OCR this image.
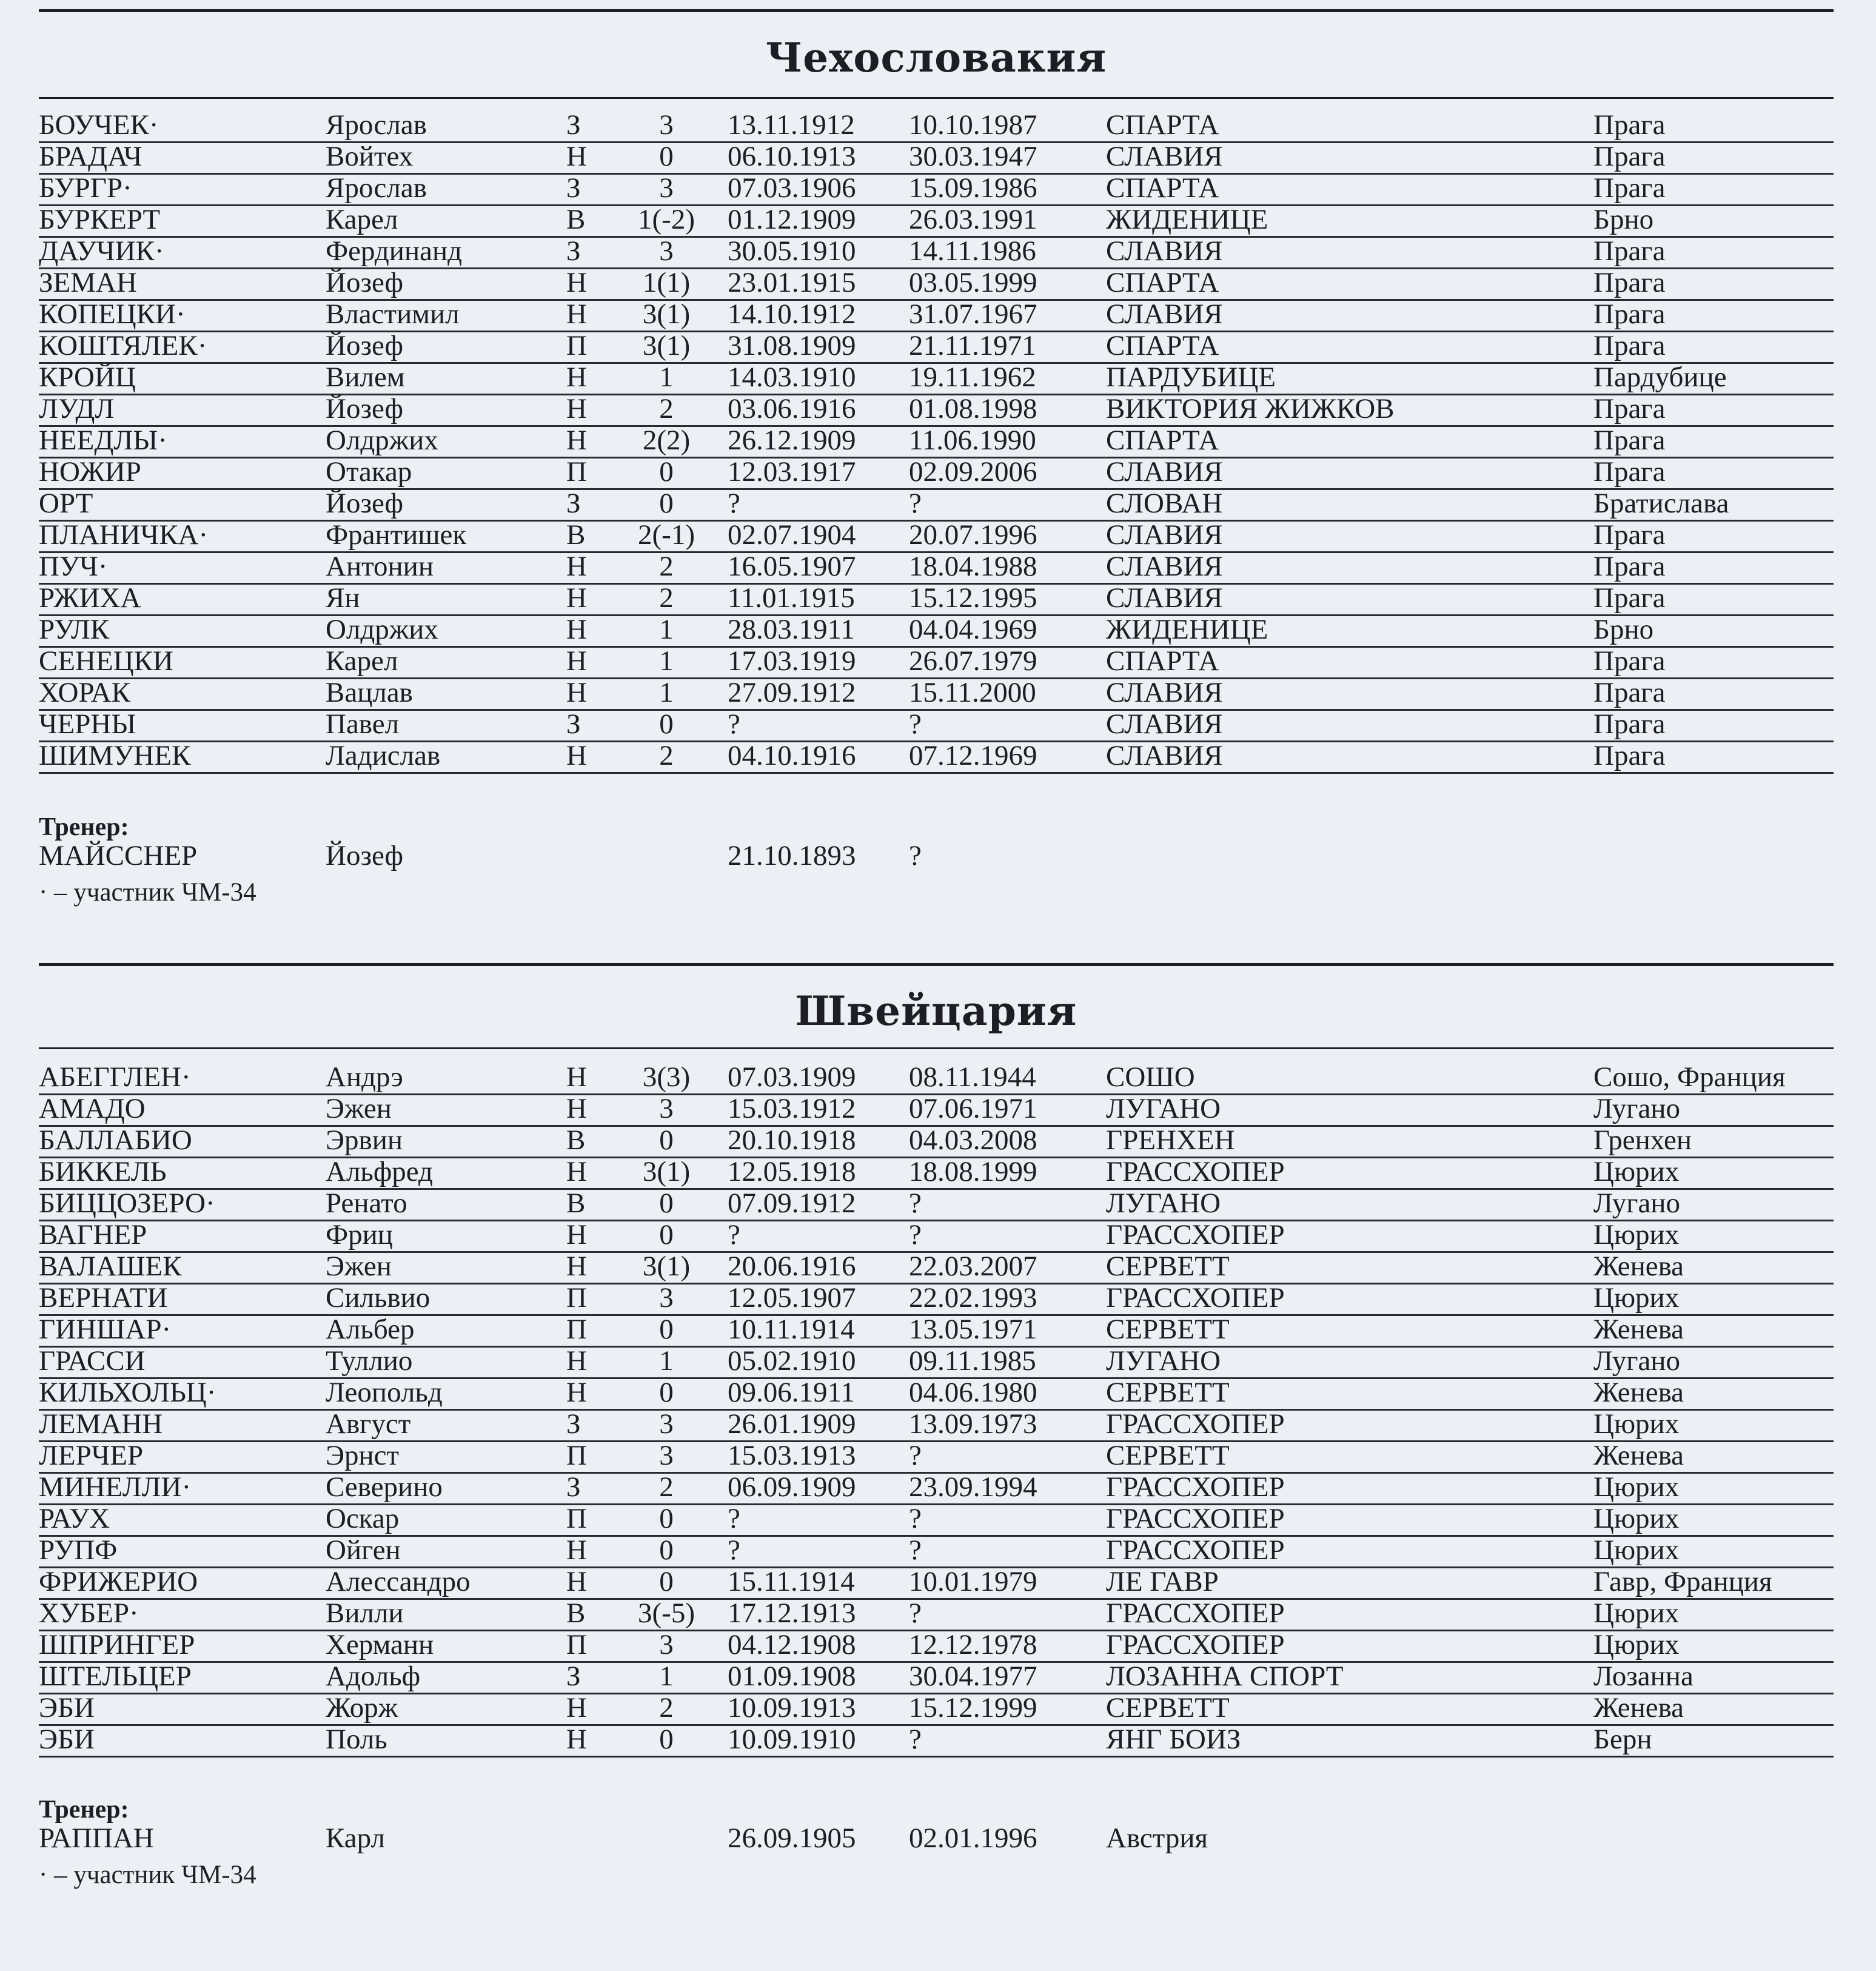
Чехословакия
БОУЧЕК·	Ярослав	З	3	13.11.1912 10.10.1987 СПАРТА	Прага
БРАДАЧ	Войтех	Н	0	06.10.1913 30.03.1947 СЛАВИЯ	Прага
БУРГР·	Ярослав	З	3	07.03.1906 15.09.1986 СПАРТА	Прага
БУРКЕРТ	Карел	В	1(-2)	01.12.1909 26.03.1991 ЖИДЕНИЦЕ	Брно
ДАУЧИК·	Фердинанд	З	3	30.05.1910 14.11.1986 СЛАВИЯ	Прага
ЗЕМАН	Йозеф	Н	1(1)	23.01.1915 03.05.1999 СПАРТА	Прага
КОПЕЦКИ·	Властимил	Н	3(1)	14.10.1912 31.07.1967 СЛАВИЯ	Прага
КОШТЯЛЕК·	Йозеф	П	3(1)	31.08.1909 21.11.1971 СПАРТА	Прага
КРОЙЦ	Вилем	Н	1	14.03.1910 19.11.1962 ПАРДУБИЦЕ	Пардубице
ЛУДЛ	Йозеф	Н	2	03.06.1916 01.08.1998 ВИКТОРИЯ ЖИЖКОВ	Прага
НЕЕДЛЫ·	Олдржих	Н	2(2)	26.12.1909 11.06.1990 СПАРТА	Прага
НОЖИР	Отакар	П	0	12.03.1917 02.09.2006 СЛАВИЯ	Прага
ОРТ	Йозеф	З	0	?	?	СЛОВАН	Братислава
ПЛАНИЧКА·	Франтишек	В	2(-1)	02.07.1904 20.07.1996 СЛАВИЯ	Прага
ПУЧ·	Антонин	Н	2	16.05.1907 18.04.1988 СЛАВИЯ	Прага
РЖИХА	Ян	Н	2	11.01.1915 15.12.1995 СЛАВИЯ	Прага
РУЛК	Олдржих	Н	1	28.03.1911 04.04.1969 ЖИДЕНИЦЕ	Брно
СЕНЕЦКИ	Карел	Н	1	17.03.1919 26.07.1979 СПАРТА	Прага
ХОРАК	Вацлав	Н	1	27.09.1912 15.11.2000 СЛАВИЯ	Прага
ЧЕРНЫ	Павел	З	0	?	?	СЛАВИЯ	Прага
ШИМУНЕК	Ладислав	Н	2	04.10.1916 07.12.1969 СЛАВИЯ	Прага
Тренер:
МАЙССНЕР	Йозеф	21.10.1893 ?
· – участник ЧМ-34
Швейцария
АБЕГГЛЕН·	Андрэ	Н	3(3)	07.03.1909 08.11.1944 СОШО	Сошо, Франция
АМАДО	Эжен	Н	3	15.03.1912 07.06.1971 ЛУГАНО	Лугано
БАЛЛАБИО	Эрвин	В	0	20.10.1918 04.03.2008 ГРЕНХЕН	Гренхен
БИККЕЛЬ	Альфред	Н	3(1)	12.05.1918 18.08.1999 ГРАССХОПЕР	Цюрих
БИЦЦОЗЕРО·	Ренато	В	0	07.09.1912 ?	ЛУГАНО	Лугано
ВАГНЕР	Фриц	Н	0	?	?	ГРАССХОПЕР	Цюрих
ВАЛАШЕК	Эжен	Н	3(1)	20.06.1916 22.03.2007 СЕРВЕТТ	Женева
ВЕРНАТИ	Сильвио	П	3	12.05.1907 22.02.1993 ГРАССХОПЕР	Цюрих
ГИНШАР·	Альбер	П	0	10.11.1914 13.05.1971 СЕРВЕТТ	Женева
ГРАССИ	Туллио	Н	1	05.02.1910 09.11.1985 ЛУГАНО	Лугано
КИЛЬХОЛЬЦ·	Леопольд	Н	0	09.06.1911 04.06.1980 СЕРВЕТТ	Женева
ЛЕМАНН	Август	З	3	26.01.1909 13.09.1973 ГРАССХОПЕР	Цюрих
ЛЕРЧЕР	Эрнст	П	3	15.03.1913 ?	СЕРВЕТТ	Женева
МИНЕЛЛИ·	Северино	З	2	06.09.1909 23.09.1994 ГРАССХОПЕР	Цюрих
РАУХ	Оскар	П	0	?	?	ГРАССХОПЕР	Цюрих
РУПФ	Ойген	Н	0	?	?	ГРАССХОПЕР	Цюрих
ФРИЖЕРИО	Алессандро	Н	0	15.11.1914 10.01.1979 ЛЕ ГАВР	Гавр, Франция
ХУБЕР·	Вилли	В	3(-5)	17.12.1913 ?	ГРАССХОПЕР	Цюрих
ШПРИНГЕР	Херманн	П	3	04.12.1908 12.12.1978 ГРАССХОПЕР	Цюрих
ШТЕЛЬЦЕР	Адольф	З	1	01.09.1908 30.04.1977 ЛОЗАННА СПОРТ	Лозанна
ЭБИ	Жорж	Н	2	10.09.1913 15.12.1999 СЕРВЕТТ	Женева
ЭБИ	Поль	Н	0	10.09.1910 ?	ЯНГ БОИЗ	Берн
Тренер:
РАППАН	Карл	26.09.1905 02.01.1996 Австрия
· – участник ЧМ-34
